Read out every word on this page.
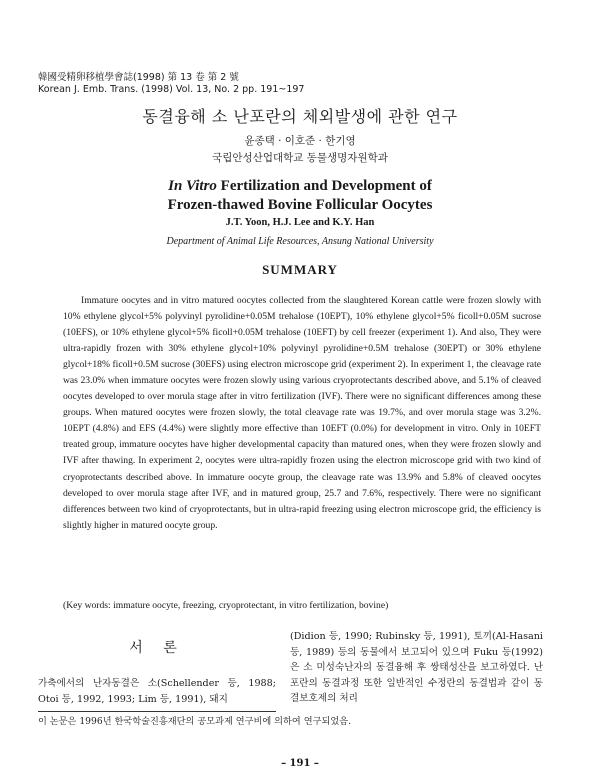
韓國受精卵移植學會誌(1998) 第 13 卷 第 2 號
Korean J. Emb. Trans. (1998) Vol. 13, No. 2 pp. 191~197
동결융해 소 난포란의 체외발생에 관한 연구
윤종택 · 이호준 · 한기영
국립안성산업대학교 동물생명자원학과
In Vitro Fertilization and Development of
Frozen-thawed Bovine Follicular Oocytes
J.T. Yoon, H.J. Lee and K.Y. Han
Department of Animal Life Resources, Ansung National University
SUMMARY

Immature oocytes and in vitro matured oocytes collected from the slaughtered Korean cattle were frozen slowly with 10% ethylene glycol+5% polyvinyl pyrolidine+0.05M trehalose (10EPT), 10% ethylene glycol+5% ficoll+0.05M sucrose (10EFS), or 10% ethylene glycol+5% ficoll+0.05M trehalose (10EFT) by cell freezer (experiment 1). And also, They were ultra-rapidly frozen with 30% ethylene glycol+10% polyvinyl pyrolidine+0.5M trehalose (30EPT) or 30% ethylene glycol+18% ficoll+0.5M sucrose (30EFS) using electron microscope grid (experiment 2). In experiment 1, the cleavage rate was 23.0% when immature oocytes were frozen slowly using various cryoprotectants described above, and 5.1% of cleaved oocytes developed to over morula stage after in vitro fertilization (IVF). There were no significant differences among these groups. When matured oocytes were frozen slowly, the total cleavage rate was 19.7%, and over morula stage was 3.2%. 10EPT (4.8%) and EFS (4.4%) were slightly more effective than 10EFT (0.0%) for development in vitro. Only in 10EFT treated group, immature oocytes have higher developmental capacity than matured ones, when they were frozen slowly and IVF after thawing. In experiment 2, oocytes were ultra-rapidly frozen using the electron microscope grid with two kind of cryoprotectants described above. In immature oocyte group, the cleavage rate was 13.9% and 5.8% of cleaved oocytes developed to over morula stage after IVF, and in matured group, 25.7 and 7.6%, respectively. There were no significant differences between two kind of cryoprotectants, but in ultra-rapid freezing using electron microscope grid, the efficiency is slightly higher in matured oocyte group.

(Key words: immature oocyte, freezing, cryoprotectant, in vitro fertilization, bovine)
서 론
가축에서의 난자동결은 소(Schellender 등, 1988; Otoi 등, 1992, 1993; Lim 등, 1991), 돼지
(Didion 등, 1990; Rubinsky 등, 1991), 토끼(Al-Hasani 등, 1989) 등의 동물에서 보고되어 있으며 Fuku 등(1992)은 소 미성숙난자의 동결융해 후 쌍태성산을 보고하였다. 난포란의 동결과정 또한 일반적인 수정란의 동결법과 같이 동결보호제의 처리
이 논문은 1996년 한국학술진흥재단의 공모과제 연구비에 의하여 연구되었음.
– 191 –
